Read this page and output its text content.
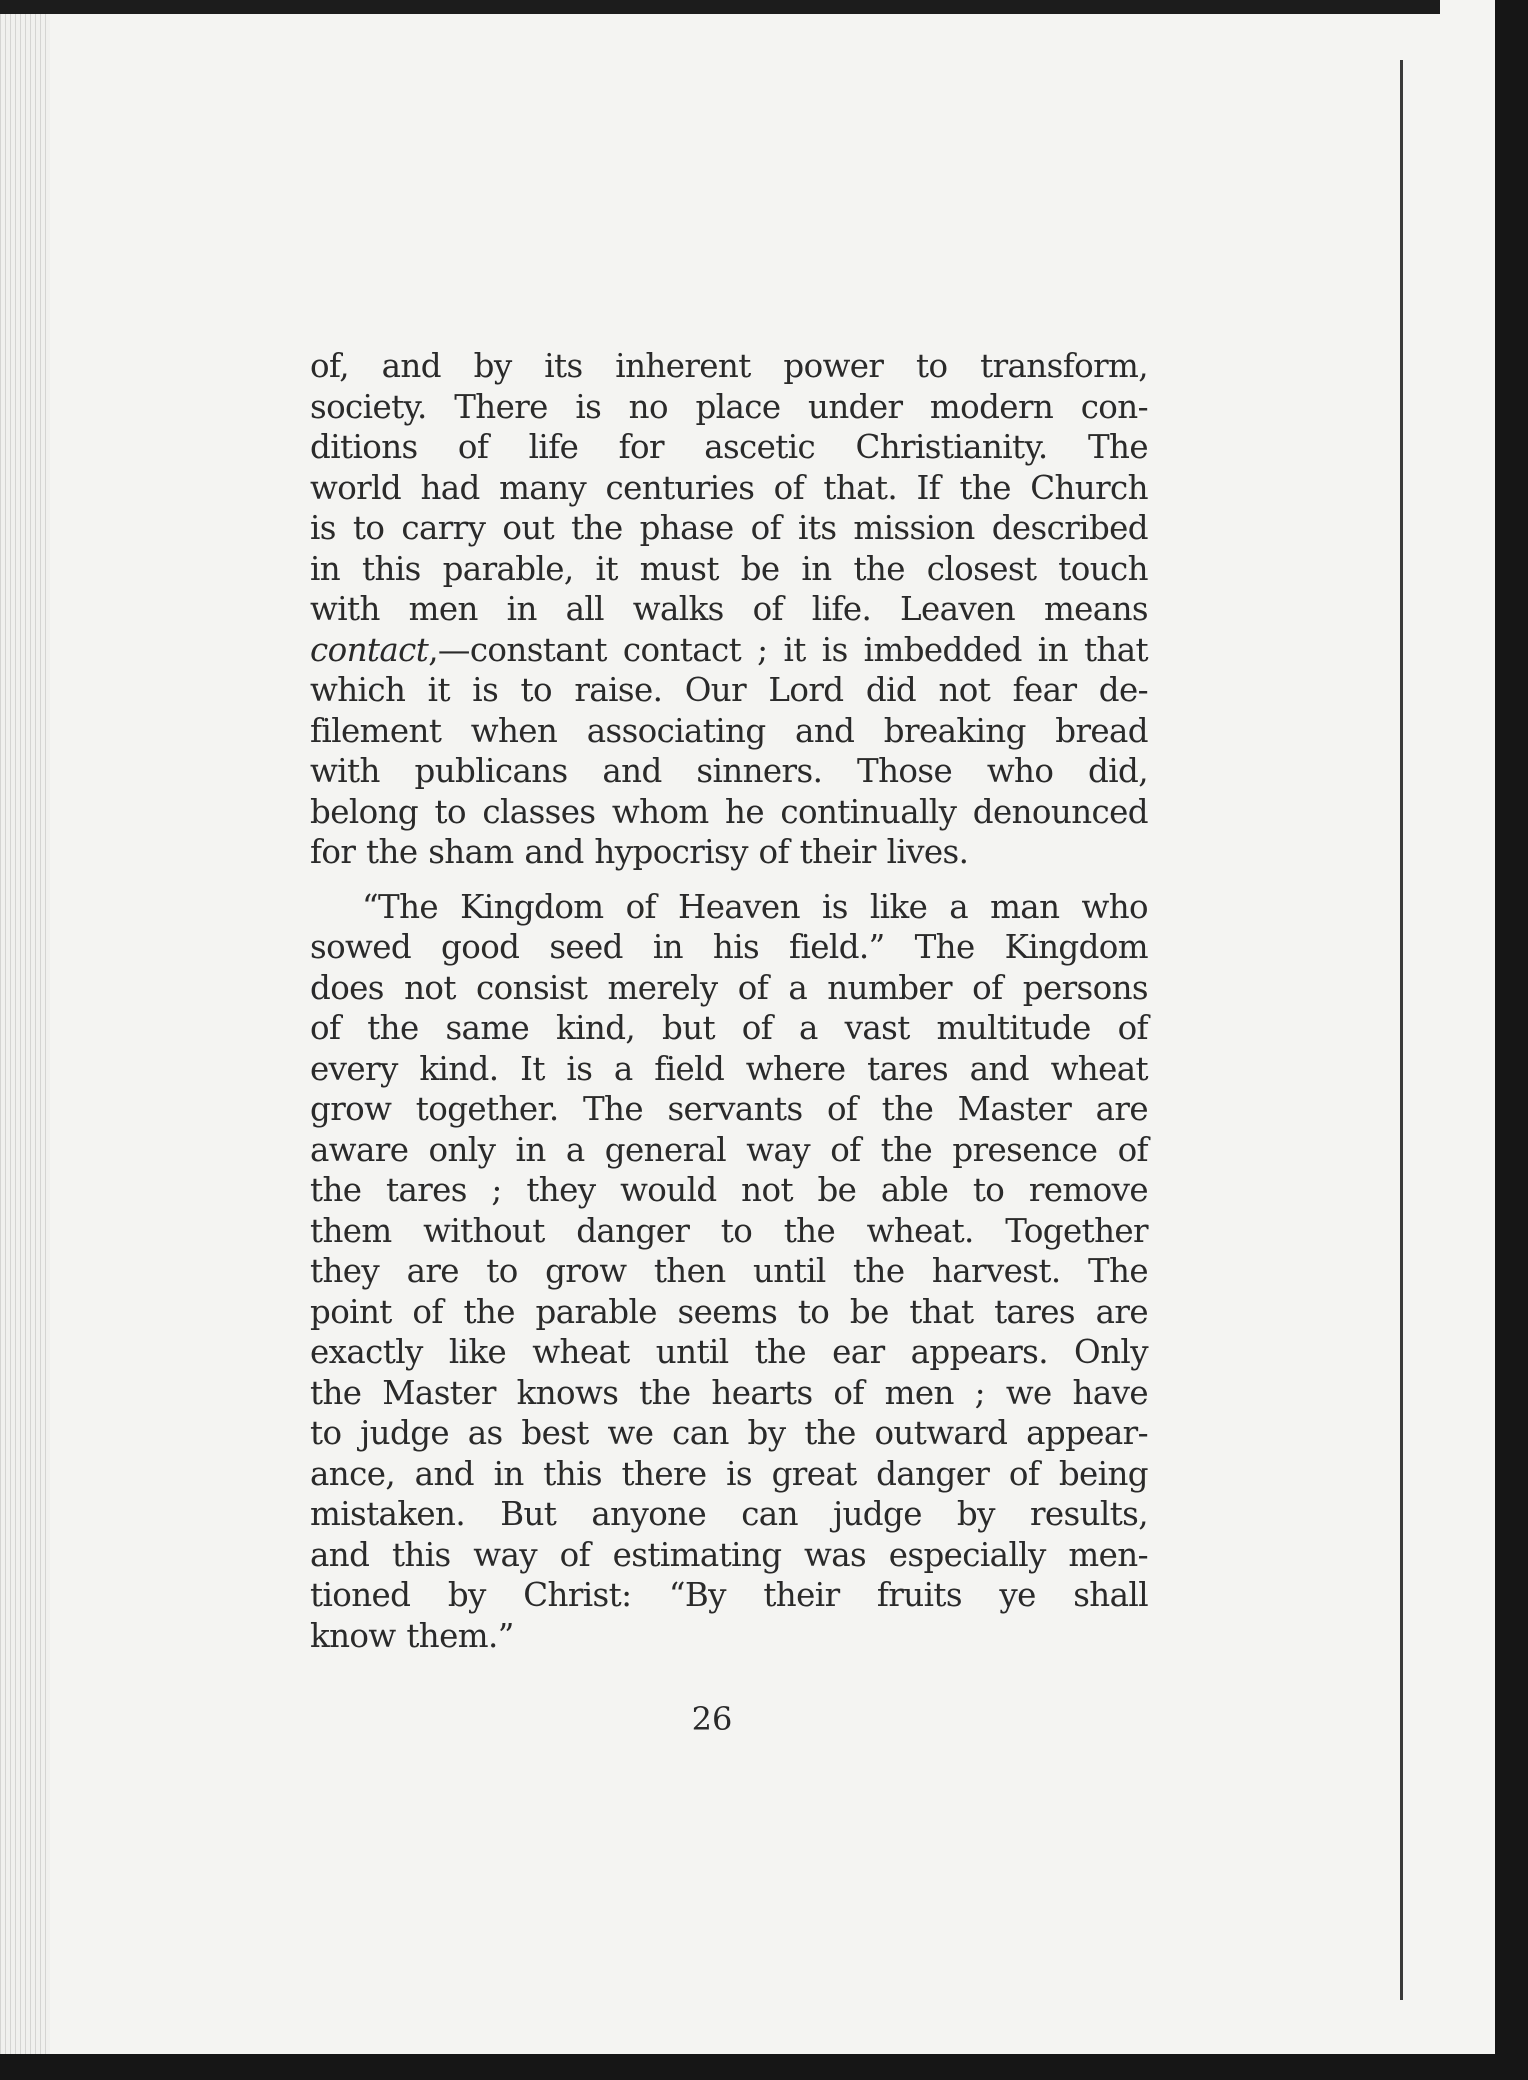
of, and by its inherent power to transform,
society. There is no place under modern con-
ditions of life for ascetic Christianity. The
world had many centuries of that. If the Church
is to carry out the phase of its mission described
in this parable, it must be in the closest touch
with men in all walks of life. Leaven means
contact,—constant contact ; it is imbedded in that
which it is to raise. Our Lord did not fear de-
filement when associating and breaking bread
with publicans and sinners. Those who did,
belong to classes whom he continually denounced
for the sham and hypocrisy of their lives.
“The Kingdom of Heaven is like a man who
sowed good seed in his field.” The Kingdom
does not consist merely of a number of persons
of the same kind, but of a vast multitude of
every kind. It is a field where tares and wheat
grow together. The servants of the Master are
aware only in a general way of the presence of
the tares ; they would not be able to remove
them without danger to the wheat. Together
they are to grow then until the harvest. The
point of the parable seems to be that tares are
exactly like wheat until the ear appears. Only
the Master knows the hearts of men ; we have
to judge as best we can by the outward appear-
ance, and in this there is great danger of being
mistaken. But anyone can judge by results,
and this way of estimating was especially men-
tioned by Christ: “By their fruits ye shall
know them.”
26
